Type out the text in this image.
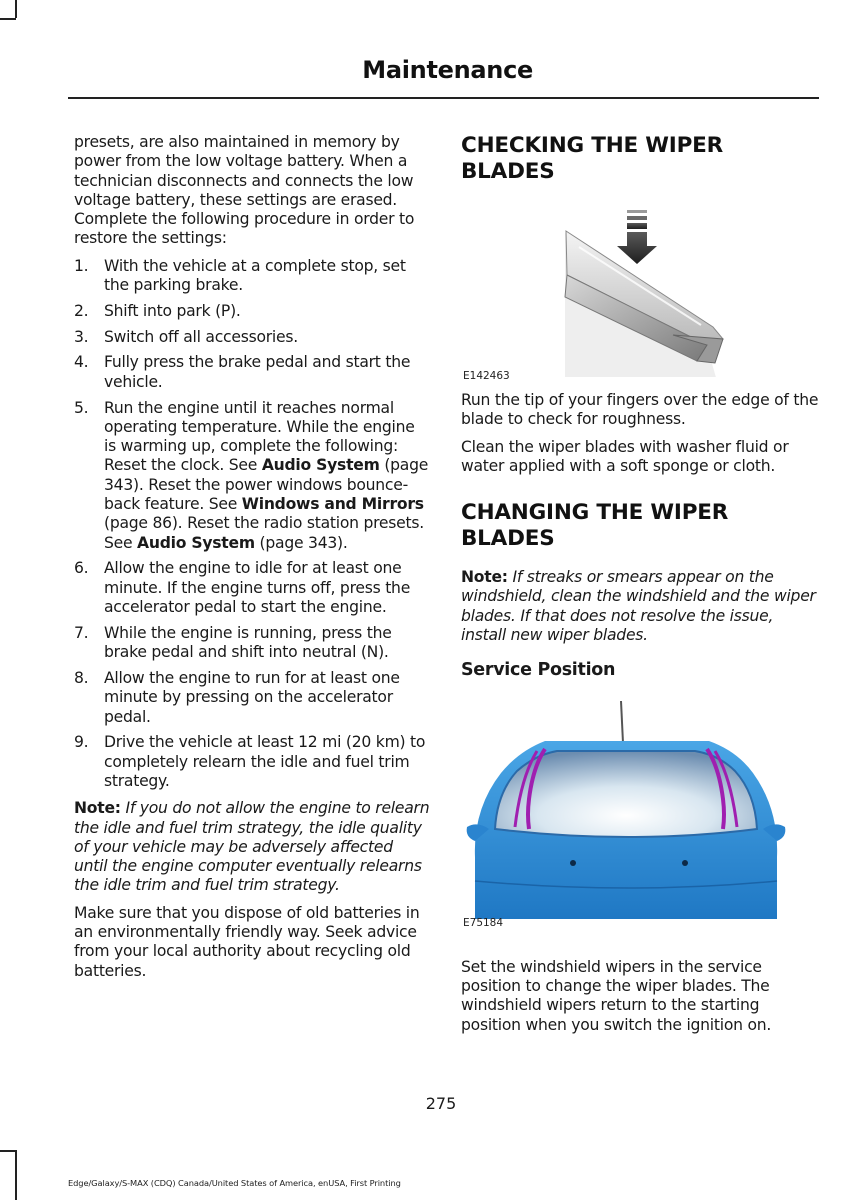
Maintenance

presets, are also maintained in memory by power from the low voltage battery. When a technician disconnects and connects the low voltage battery, these settings are erased. Complete the following procedure in order to restore the settings:

1.	With the vehicle at a complete stop, set the parking brake.
2.	Shift into park (P).
3.	Switch off all accessories.
4.	Fully press the brake pedal and start the vehicle.
5.	Run the engine until it reaches normal operating temperature. While the engine is warming up, complete the following: Reset the clock. See Audio System (page 343). Reset the power windows bounce-back feature. See Windows and Mirrors (page 86). Reset the radio station presets. See Audio System (page 343).
6.	Allow the engine to idle for at least one minute. If the engine turns off, press the accelerator pedal to start the engine.
7.	While the engine is running, press the brake pedal and shift into neutral (N).
8.	Allow the engine to run for at least one minute by pressing on the accelerator pedal.
9.	Drive the vehicle at least 12 mi (20 km) to completely relearn the idle and fuel trim strategy.

Note: If you do not allow the engine to relearn the idle and fuel trim strategy, the idle quality of your vehicle may be adversely affected until the engine computer eventually relearns the idle trim and fuel trim strategy.

Make sure that you dispose of old batteries in an environmentally friendly way. Seek advice from your local authority about recycling old batteries.

CHECKING THE WIPER BLADES
E142463

Run the tip of your fingers over the edge of the blade to check for roughness.

Clean the wiper blades with washer fluid or water applied with a soft sponge or cloth.

CHANGING THE WIPER BLADES

Note: If streaks or smears appear on the windshield, clean the windshield and the wiper blades. If that does not resolve the issue, install new wiper blades.

Service Position
E75184

Set the windshield wipers in the service position to change the wiper blades. The windshield wipers return to the starting position when you switch the ignition on.

275
Edge/Galaxy/S-MAX (CDQ) Canada/United States of America, enUSA, First Printing
